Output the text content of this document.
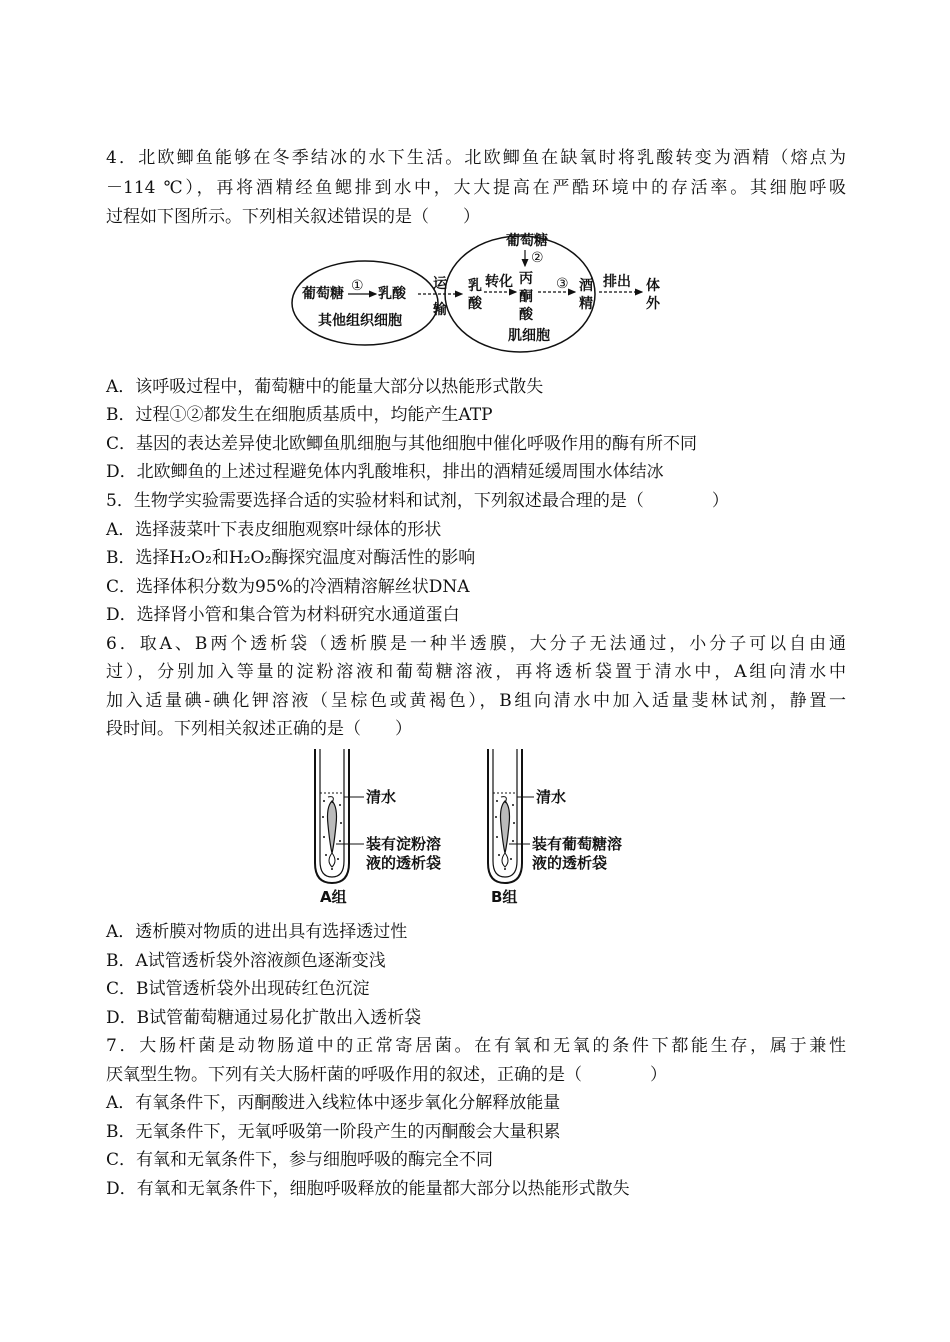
4．北欧鲫鱼能够在冬季结冰的水下生活。北欧鲫鱼在缺氧时将乳酸转变为酒精（熔点为
－114 ℃），再将酒精经鱼鳃排到水中，大大提高在严酷环境中的存活率。其细胞呼吸
过程如下图所示。下列相关叙述错误的是（　　）
葡萄糖 ① 乳酸
其他组织细胞
运
输
葡萄糖
②
乳
酸
转化 丙
酮
酸
③ 酒
精
排出 体
外
肌细胞
A．该呼吸过程中，葡萄糖中的能量大部分以热能形式散失
B．过程①②都发生在细胞质基质中，均能产生ATP
C．基因的表达差异使北欧鲫鱼肌细胞与其他细胞中催化呼吸作用的酶有所不同
D．北欧鲫鱼的上述过程避免体内乳酸堆积，排出的酒精延缓周围水体结冰
5．生物学实验需要选择合适的实验材料和试剂，下列叙述最合理的是（　　　　）
A．选择菠菜叶下表皮细胞观察叶绿体的形状
B．选择H₂O₂和H₂O₂酶探究温度对酶活性的影响
C．选择体积分数为95%的冷酒精溶解丝状DNA
D．选择肾小管和集合管为材料研究水通道蛋白
6．取A、B两个透析袋（透析膜是一种半透膜，大分子无法通过，小分子可以自由通
过），分别加入等量的淀粉溶液和葡萄糖溶液，再将透析袋置于清水中，A组向清水中
加入适量碘-碘化钾溶液（呈棕色或黄褐色），B组向清水中加入适量斐林试剂，静置一
段时间。下列相关叙述正确的是（　　）
清水
装有淀粉溶
液的透析袋
A组
清水
装有葡萄糖溶
液的透析袋
B组
A．透析膜对物质的进出具有选择透过性
B．A试管透析袋外溶液颜色逐渐变浅
C．B试管透析袋外出现砖红色沉淀
D．B试管葡萄糖通过易化扩散出入透析袋
7．大肠杆菌是动物肠道中的正常寄居菌。在有氧和无氧的条件下都能生存，属于兼性
厌氧型生物。下列有关大肠杆菌的呼吸作用的叙述，正确的是（　　　　）
A．有氧条件下，丙酮酸进入线粒体中逐步氧化分解释放能量
B．无氧条件下，无氧呼吸第一阶段产生的丙酮酸会大量积累
C．有氧和无氧条件下，参与细胞呼吸的酶完全不同
D．有氧和无氧条件下，细胞呼吸释放的能量都大部分以热能形式散失
